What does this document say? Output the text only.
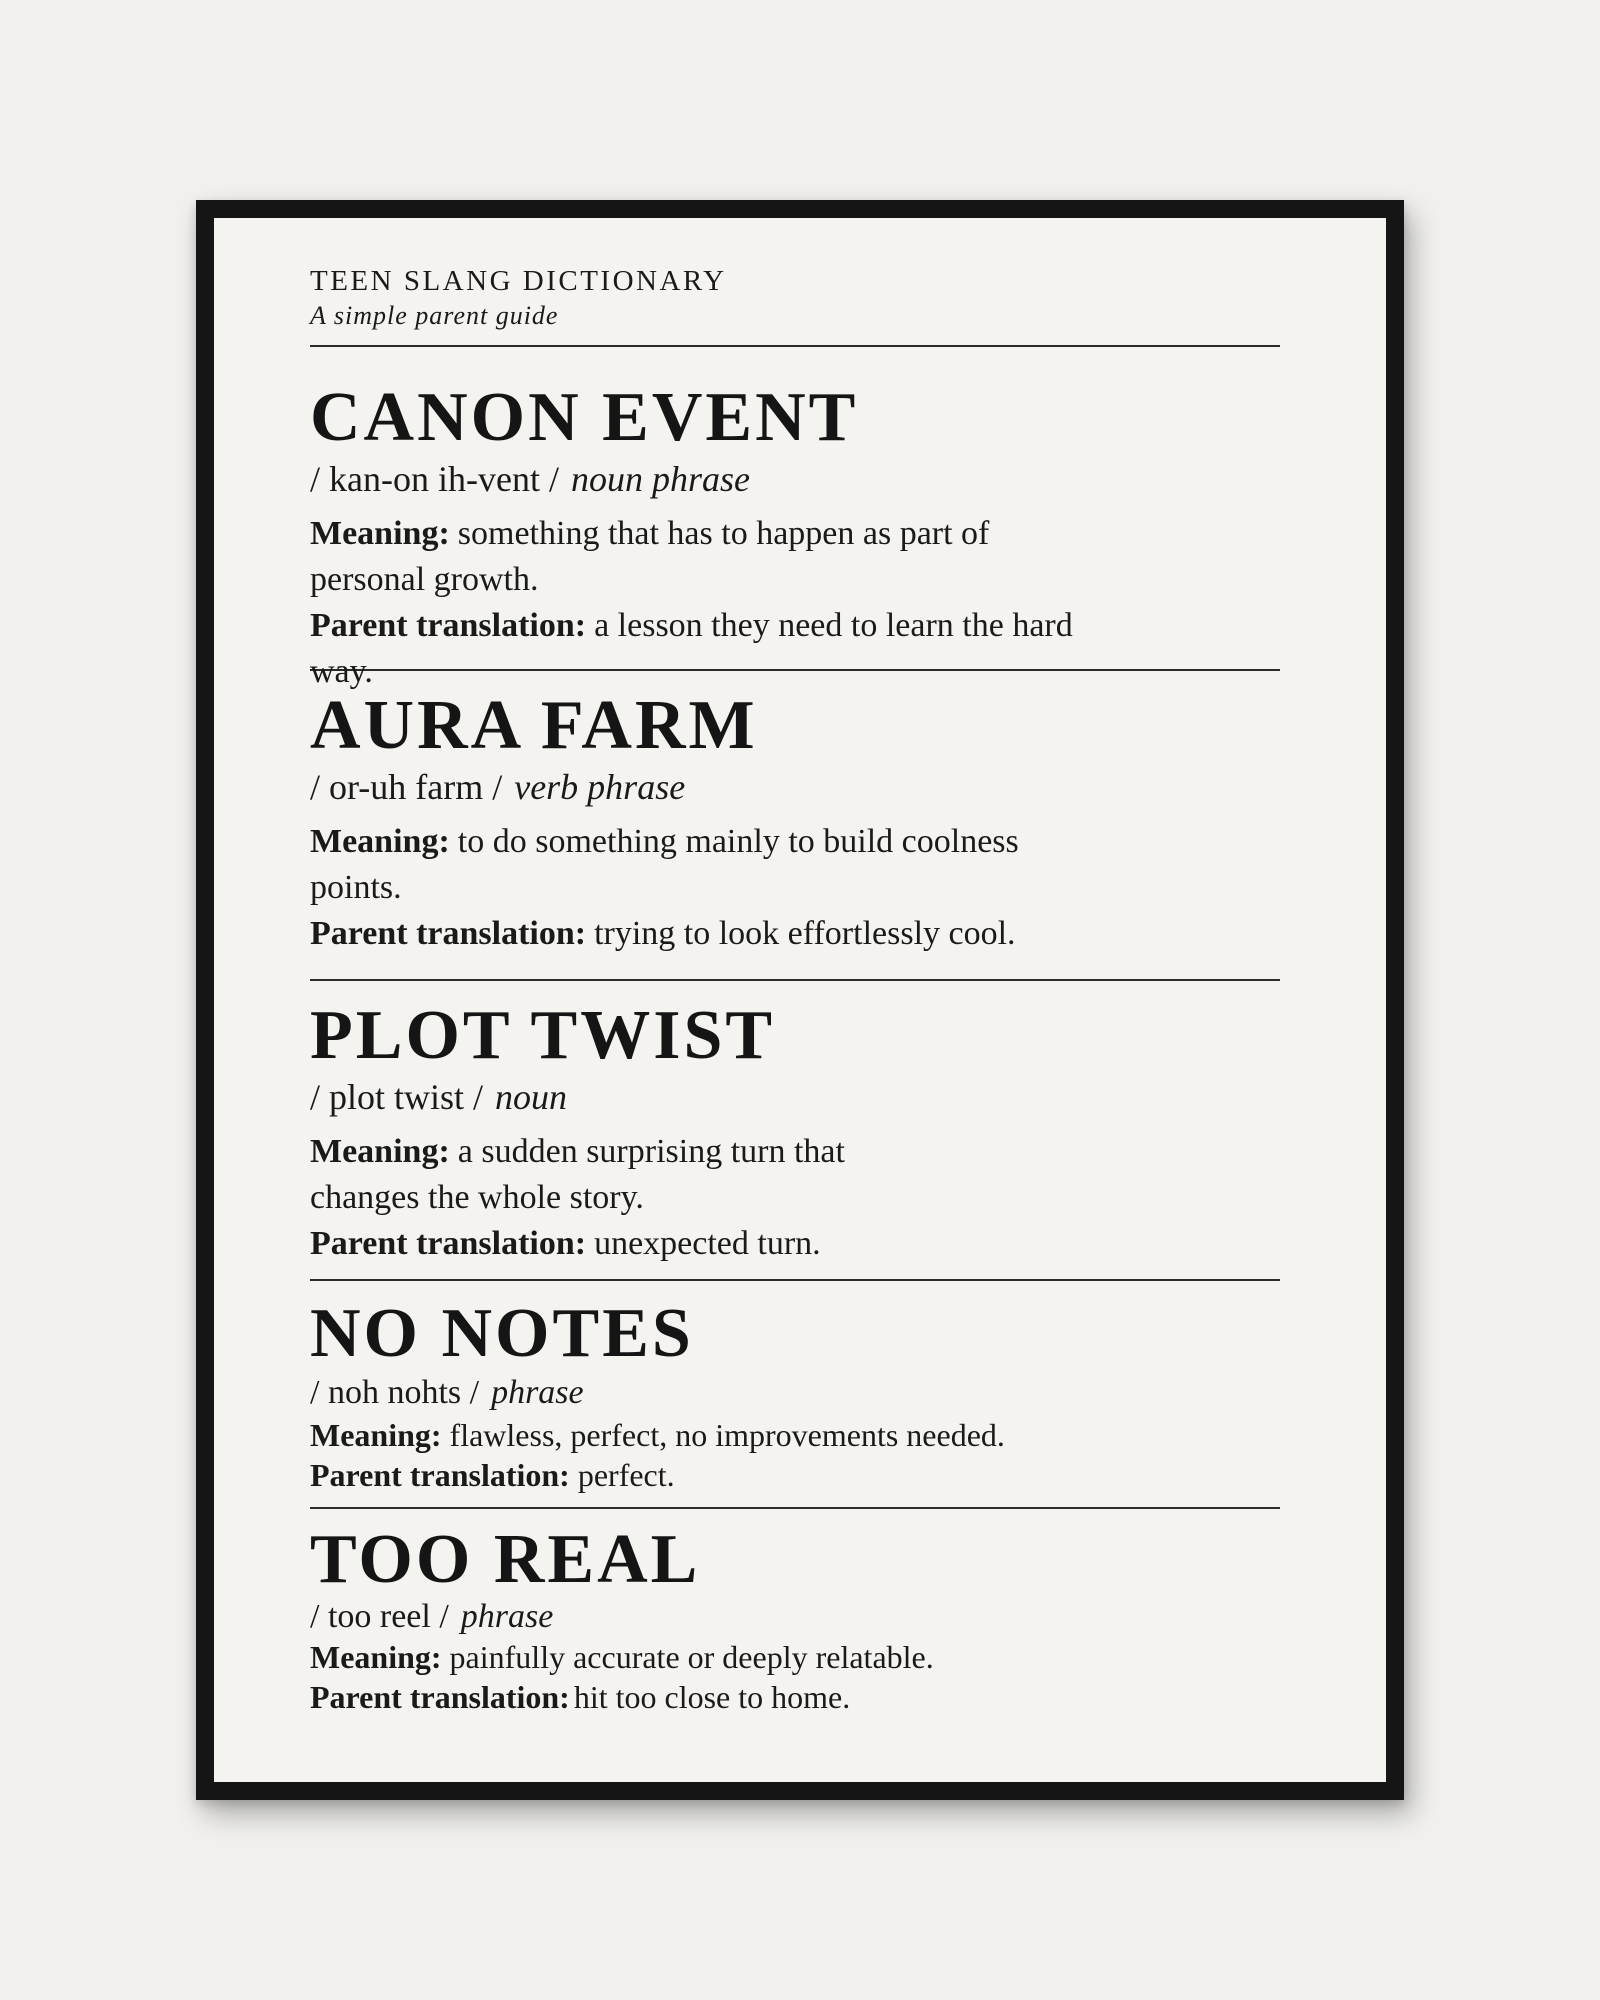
TEEN SLANG DICTIONARY
A simple parent guide
CANON EVENT
/ kan-on ih-vent / noun phrase
Meaning: something that has to happen as part of personal growth.
Parent translation: a lesson they need to learn the hard way.
AURA FARM
/ or-uh farm / verb phrase
Meaning: to do something mainly to build coolness points.
Parent translation: trying to look effortlessly cool.
PLOT TWIST
/ plot twist / noun
Meaning: a sudden surprising turn that changes the whole story.
Parent translation: unexpected turn.
NO NOTES
/ noh nohts / phrase
Meaning: flawless, perfect, no improvements needed.
Parent translation: perfect.
TOO REAL
/ too reel / phrase
Meaning: painfully accurate or deeply relatable.
Parent translation: hit too close to home.
